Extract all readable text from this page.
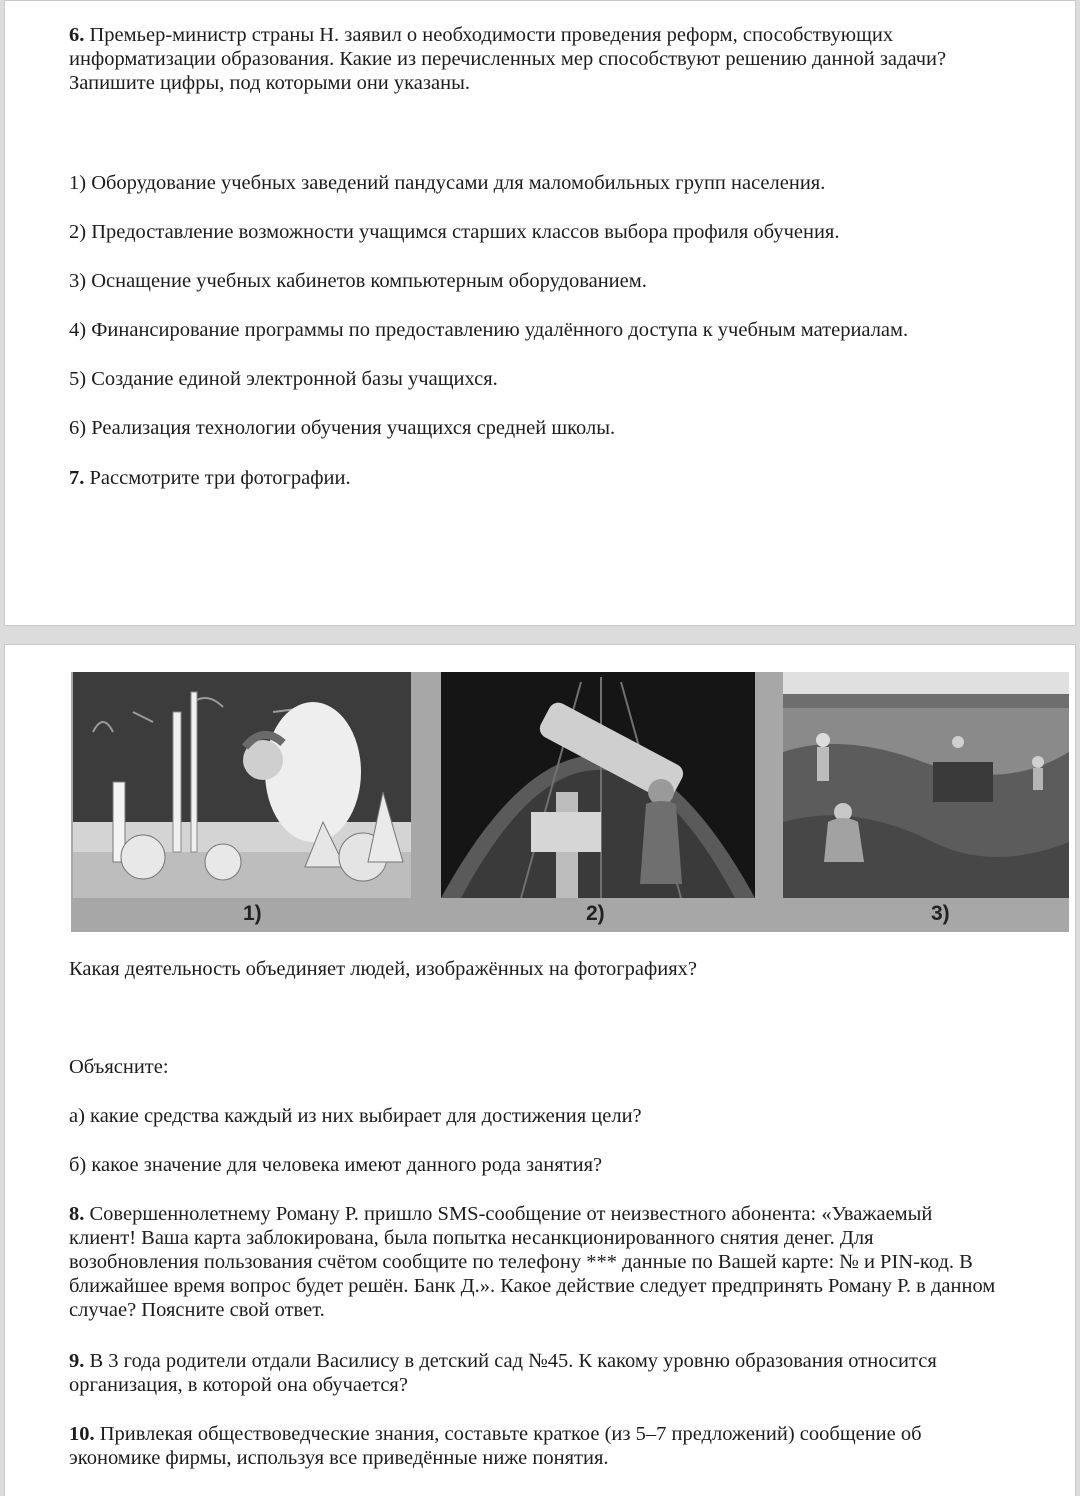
6. Премьер-министр страны Н. заявил о необходимости проведения реформ, способствующих информатизации образования. Какие из перечисленных мер способствуют решению данной задачи? Запишите цифры, под которыми они указаны.

1) Оборудование учебных заведений пандусами для маломобильных групп населения.

2) Предоставление возможности учащимся старших классов выбора профиля обучения.

3) Оснащение учебных кабинетов компьютерным оборудованием.

4) Финансирование программы по предоставлению удалённого доступа к учебным материалам.

5) Создание единой электронной базы учащихся.

6) Реализация технологии обучения учащихся средней школы.

7. Рассмотрите три фотографии.

1)	2)	3)

Какая деятельность объединяет людей, изображённых на фотографиях?

Объясните:

а) какие средства каждый из них выбирает для достижения цели?

б) какое значение для человека имеют данного рода занятия?

8. Совершеннолетнему Роману Р. пришло SMS-сообщение от неизвестного абонента: «Уважаемый клиент! Ваша карта заблокирована, была попытка несанкционированного снятия денег. Для возобновления пользования счётом сообщите по телефону *** данные по Вашей карте: № и PIN-код. В ближайшее время вопрос будет решён. Банк Д.». Какое действие следует предпринять Роману Р. в данном случае? Поясните свой ответ.

9. В 3 года родители отдали Василису в детский сад №45. К какому уровню образования относится организация, в которой она обучается?

10. Привлекая обществоведческие знания, составьте краткое (из 5–7 предложений) сообщение об экономике фирмы, используя все приведённые ниже понятия.
